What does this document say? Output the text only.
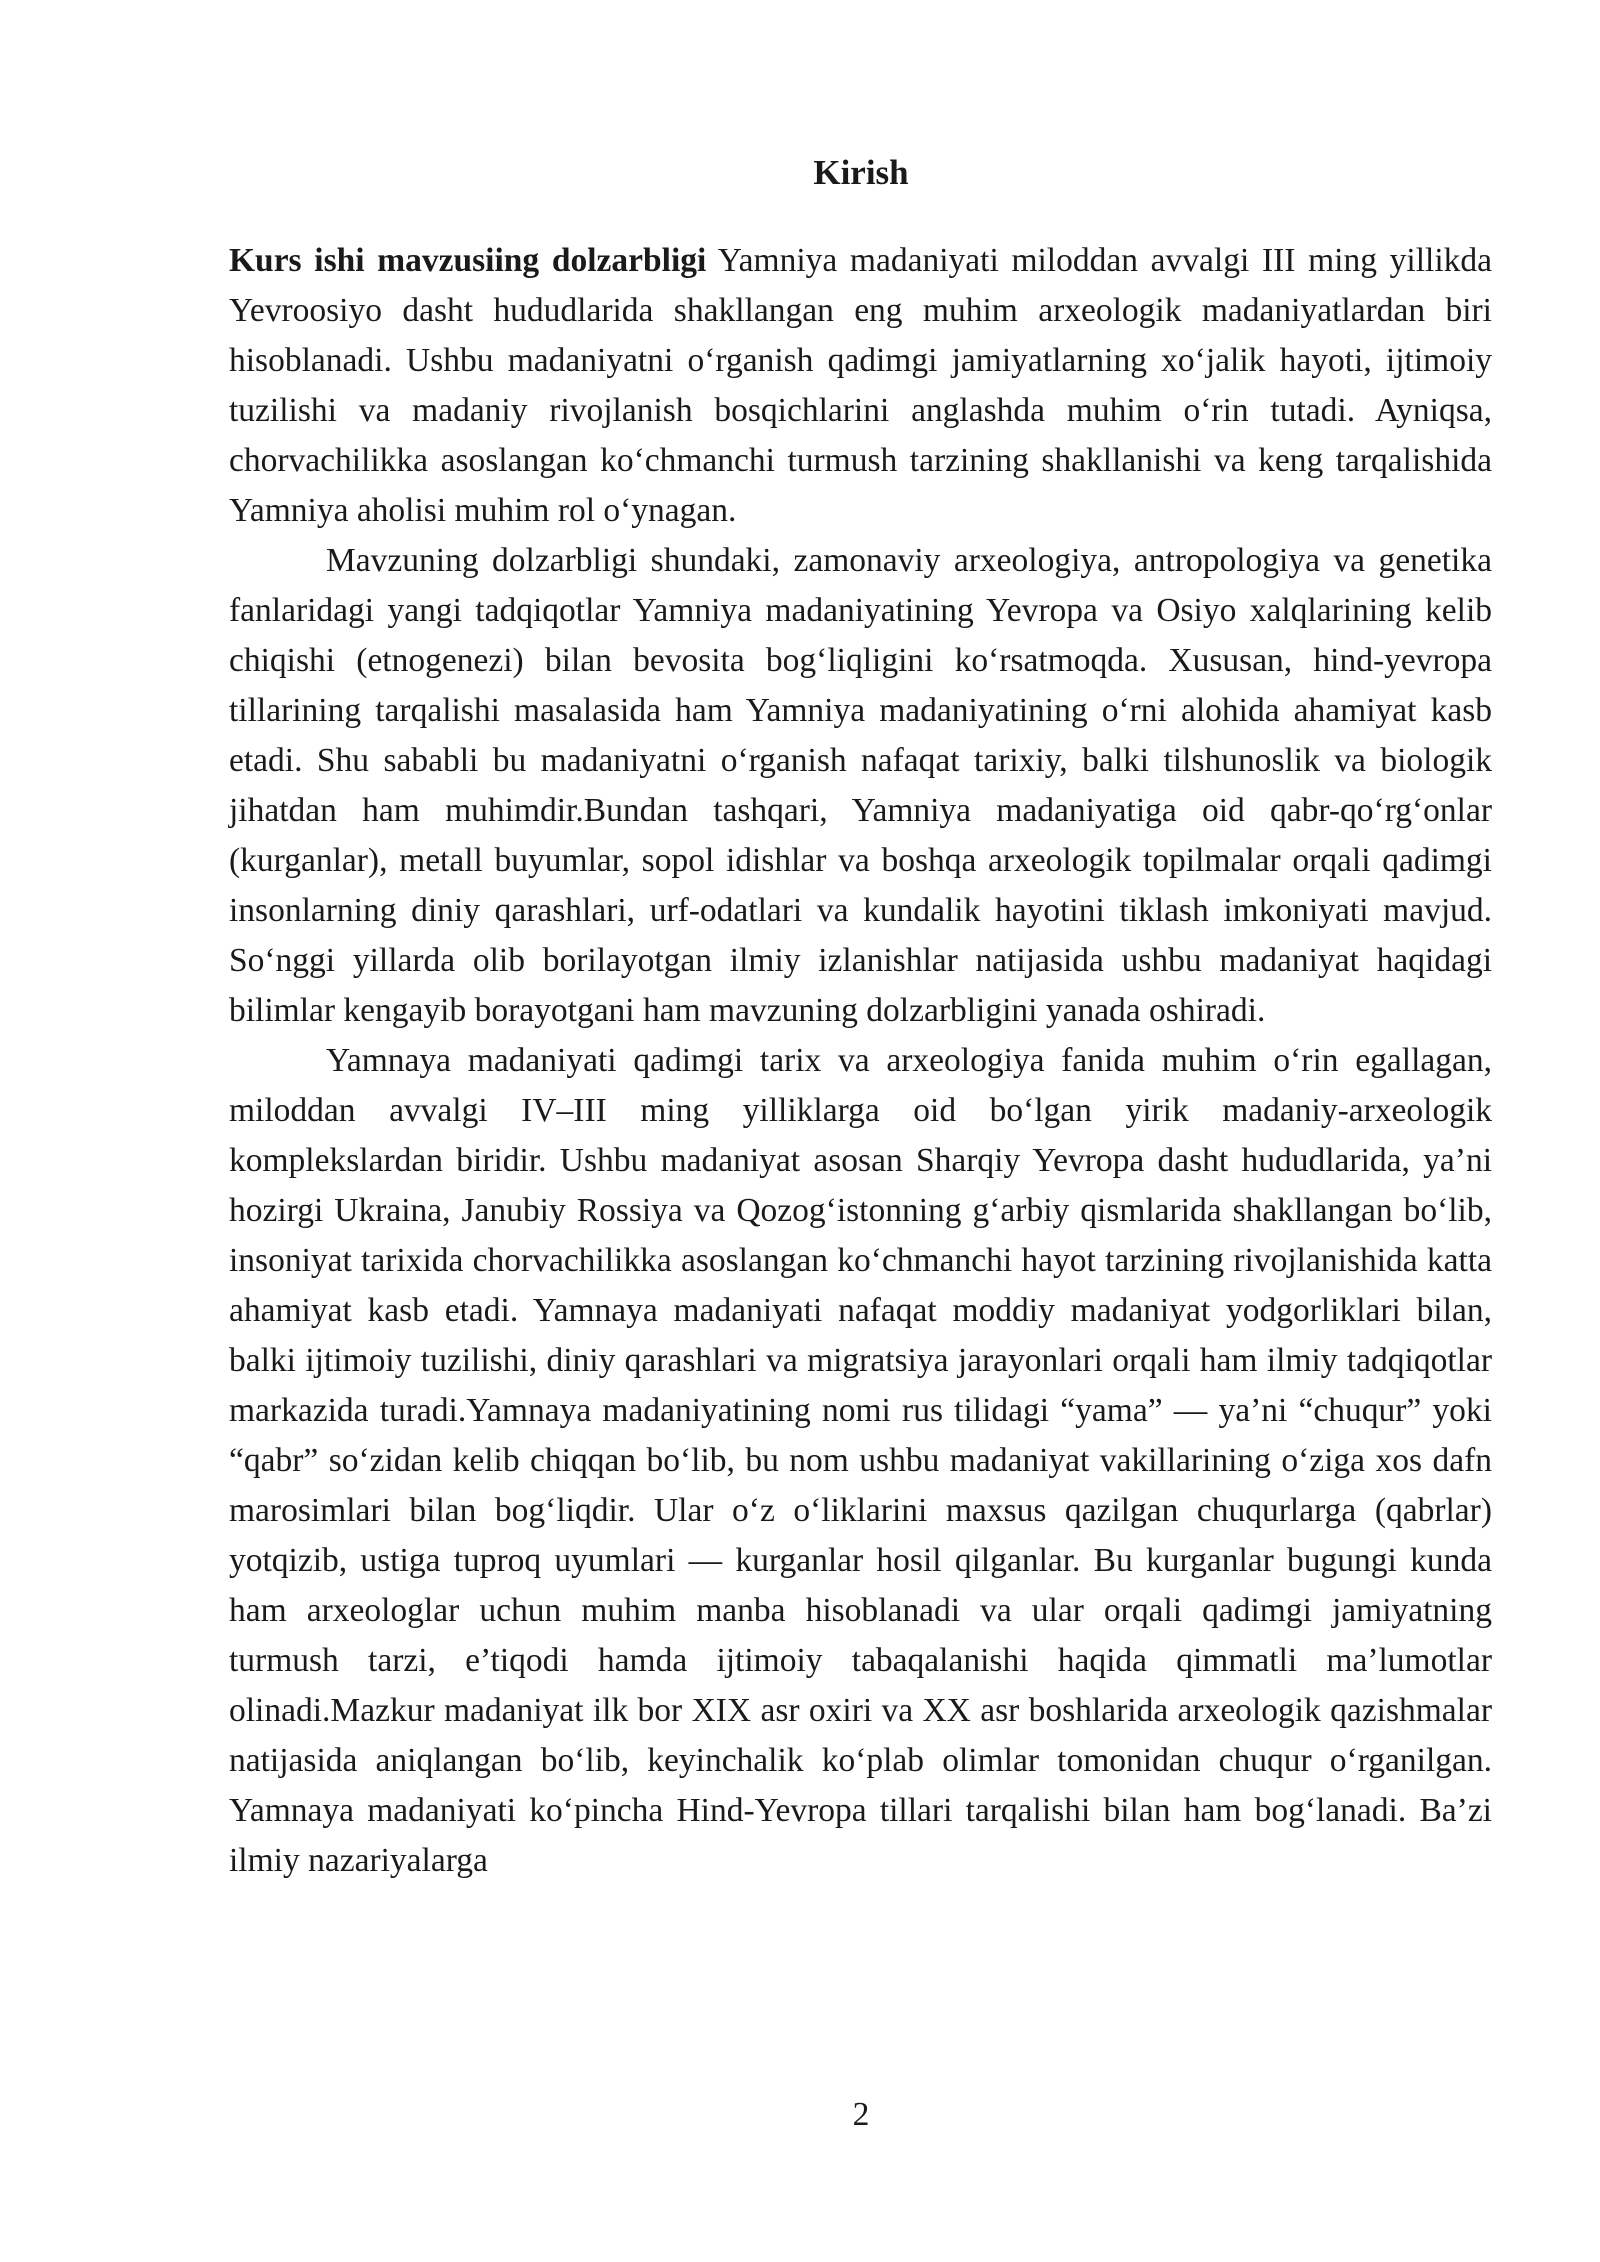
Kirish

Kurs ishi mavzusiing dolzarbligi Yamniya madaniyati miloddan avvalgi III ming yillikda Yevroosiyo dasht hududlarida shakllangan eng muhim arxeologik madaniyatlardan biri hisoblanadi. Ushbu madaniyatni o‘rganish qadimgi jamiyatlarning xo‘jalik hayoti, ijtimoiy tuzilishi va madaniy rivojlanish bosqichlarini anglashda muhim o‘rin tutadi. Ayniqsa, chorvachilikka asoslangan ko‘chmanchi turmush tarzining shakllanishi va keng tarqalishida Yamniya aholisi muhim rol o‘ynagan.

Mavzuning dolzarbligi shundaki, zamonaviy arxeologiya, antropologiya va genetika fanlaridagi yangi tadqiqotlar Yamniya madaniyatining Yevropa va Osiyo xalqlarining kelib chiqishi (etnogenezi) bilan bevosita bog‘liqligini ko‘rsatmoqda. Xususan, hind-yevropa tillarining tarqalishi masalasida ham Yamniya madaniyatining o‘rni alohida ahamiyat kasb etadi. Shu sababli bu madaniyatni o‘rganish nafaqat tarixiy, balki tilshunoslik va biologik jihatdan ham muhimdir.Bundan tashqari, Yamniya madaniyatiga oid qabr-qo‘rg‘onlar (kurganlar), metall buyumlar, sopol idishlar va boshqa arxeologik topilmalar orqali qadimgi insonlarning diniy qarashlari, urf-odatlari va kundalik hayotini tiklash imkoniyati mavjud. So‘nggi yillarda olib borilayotgan ilmiy izlanishlar natijasida ushbu madaniyat haqidagi bilimlar kengayib borayotgani ham mavzuning dolzarbligini yanada oshiradi.

Yamnaya madaniyati qadimgi tarix va arxeologiya fanida muhim o‘rin egallagan, miloddan avvalgi IV–III ming yilliklarga oid bo‘lgan yirik madaniy-arxeologik komplekslardan biridir. Ushbu madaniyat asosan Sharqiy Yevropa dasht hududlarida, ya’ni hozirgi Ukraina, Janubiy Rossiya va Qozog‘istonning g‘arbiy qismlarida shakllangan bo‘lib, insoniyat tarixida chorvachilikka asoslangan ko‘chmanchi hayot tarzining rivojlanishida katta ahamiyat kasb etadi. Yamnaya madaniyati nafaqat moddiy madaniyat yodgorliklari bilan, balki ijtimoiy tuzilishi, diniy qarashlari va migratsiya jarayonlari orqali ham ilmiy tadqiqotlar markazida turadi.Yamnaya madaniyatining nomi rus tilidagi “yama” — ya’ni “chuqur” yoki “qabr” so‘zidan kelib chiqqan bo‘lib, bu nom ushbu madaniyat vakillarining o‘ziga xos dafn marosimlari bilan bog‘liqdir. Ular o‘z o‘liklarini maxsus qazilgan chuqurlarga (qabrlar) yotqizib, ustiga tuproq uyumlari — kurganlar hosil qilganlar. Bu kurganlar bugungi kunda ham arxeologlar uchun muhim manba hisoblanadi va ular orqali qadimgi jamiyatning turmush tarzi, e’tiqodi hamda ijtimoiy tabaqalanishi haqida qimmatli ma’lumotlar olinadi.Mazkur madaniyat ilk bor XIX asr oxiri va XX asr boshlarida arxeologik qazishmalar natijasida aniqlangan bo‘lib, keyinchalik ko‘plab olimlar tomonidan chuqur o‘rganilgan. Yamnaya madaniyati ko‘pincha Hind-Yevropa tillari tarqalishi bilan ham bog‘lanadi. Ba’zi ilmiy nazariyalarga

2
